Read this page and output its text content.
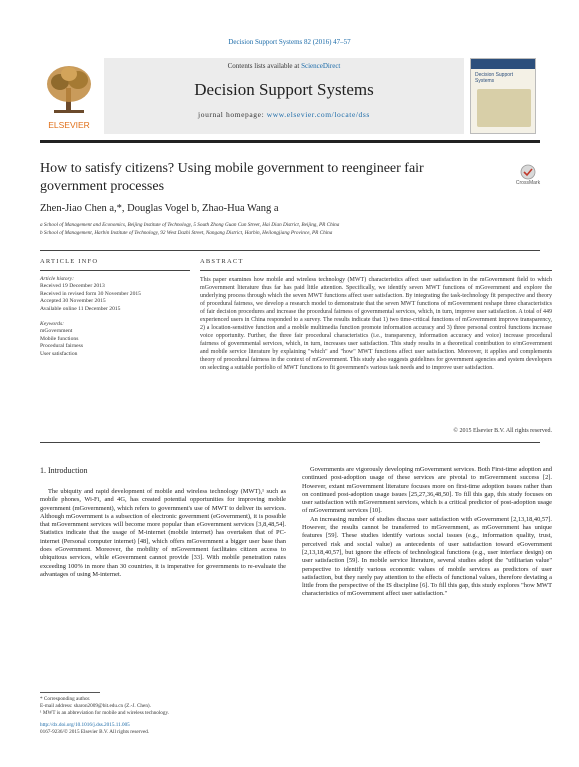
Decision Support Systems 82 (2016) 47–57
ELSEVIER
Contents lists available at ScienceDirect
Decision Support Systems
journal homepage: www.elsevier.com/locate/dss
Decision Support Systems
How to satisfy citizens? Using mobile government to reengineer fair government processes	CrossMark
Zhen-Jiao Chen a,*, Douglas Vogel b, Zhao-Hua Wang a
a School of Management and Economics, Beijing Institute of Technology, 5 South Zhong Guan Cun Street, Hai Dian District, Beijing, PR China
b School of Management, Harbin Institute of Technology, 92 West Dazhi Street, Nangang District, Harbin, Heilongjiang Province, PR China
ARTICLE INFO
Article history:
Received 19 December 2013
Received in revised form 30 November 2015
Accepted 30 November 2015
Available online 11 December 2015
Keywords:
mGovernment
Mobile functions
Procedural fairness
User satisfaction
ABSTRACT
This paper examines how mobile and wireless technology (MWT) characteristics affect user satisfaction in the mGovernment field to which mGovernment literature thus far has paid little attention. Specifically, we identify seven MWT functions of mGovernment and explore the underlying process through which the seven MWT functions affect user satisfaction. By integrating the task-technology fit perspective and theory of procedural fairness, we develop a research model to demonstrate that the seven MWT functions of mGovernment reshape three characteristics of fair decision procedures and increase the procedural fairness of governmental services, which, in turn, improve user satisfaction. A total of 449 experienced users in China responded to a survey. The results indicate that 1) two time-critical functions of mGovernment improve transparency, 2) a location-sensitive function and a mobile multimedia function promote information accuracy and 3) three personal control functions increase voice opportunity. Further, the three fair procedural characteristics (i.e., transparency, information accuracy and voice) increase procedural fairness of governmental services, which, in turn, increases user satisfaction. This study results in a theoretical contribution to e/mGovernment and mobile service literature by explaining "which" and "how" MWT functions affect user satisfaction. Moreover, it applies and complements theory of procedural fairness in the context of mGovernment. This study also suggests guidelines for government agencies and system developers on selecting a suitable portfolio of MWT functions to fit government's various task needs and to improve user satisfaction.
© 2015 Elsevier B.V. All rights reserved.
1. Introduction

The ubiquity and rapid development of mobile and wireless technology (MWT),¹ such as mobile phones, Wi-Fi, and 4G, has created potential opportunities for improving mobile government (mGovernment), which refers to government's use of MWT to deliver its services. Although mGovernment is a subsection of electronic government (eGovernment), it is possible that mGovernment services will become more popular than eGovernment services [3,8,48,54]. Statistics indicate that the usage of M-internet (mobile internet) has overtaken that of PC-internet (Personal computer internet) [48], which offers mGovernment a bigger user base than does eGovernment. Moreover, the mobility of mGovernment facilitates citizen access to ubiquitous services, while eGovernment cannot provide [33]. With mobile penetration rates exceeding 100% in more than 30 countries, it is imperative for governments to re-evaluate the advantages of using M-internet.

Governments are vigorously developing mGovernment services. Both First-time adoption and continued post-adoption usage of these services are pivotal to mGovernment success [2]. However, extant mGovernment literature focuses more on first-time adoption issues rather than on continued post-adoption usage issues [25,27,36,48,50]. To fill this gap, this study focuses on user satisfaction with mGovernment services, which is a critical predictor of post-adoption usage of mGovernment services [10].

An increasing number of studies discuss user satisfaction with eGovernment [2,13,18,40,57]. However, the results cannot be transferred to mGovernment, as mGovernment has unique features [59]. These studies identify various social issues (e.g., information quality, trust, perceived risk and social value) as antecedents of user satisfaction toward eGovernment [2,13,18,40,57], but ignore the effects of technological functions (e.g., user interface design) on user satisfaction [59]. In mobile service literature, several studies adopt the "utilitarian value" perspective to identify various economic values of mobile services as predictors of user satisfaction, but they rarely pay attention to the effects of functional values, therefore deviating a little from the perspective of the IS discipline [6]. To fill this gap, this study explores "how MWT characteristics of mGovernment affect user satisfaction."

* Corresponding author.
E-mail address: sharon2009@bit.edu.cn (Z.-J. Chen).
¹ MWT is an abbreviation for mobile and wireless technology.
http://dx.doi.org/10.1016/j.dss.2015.11.005
0167-9236/© 2015 Elsevier B.V. All rights reserved.
